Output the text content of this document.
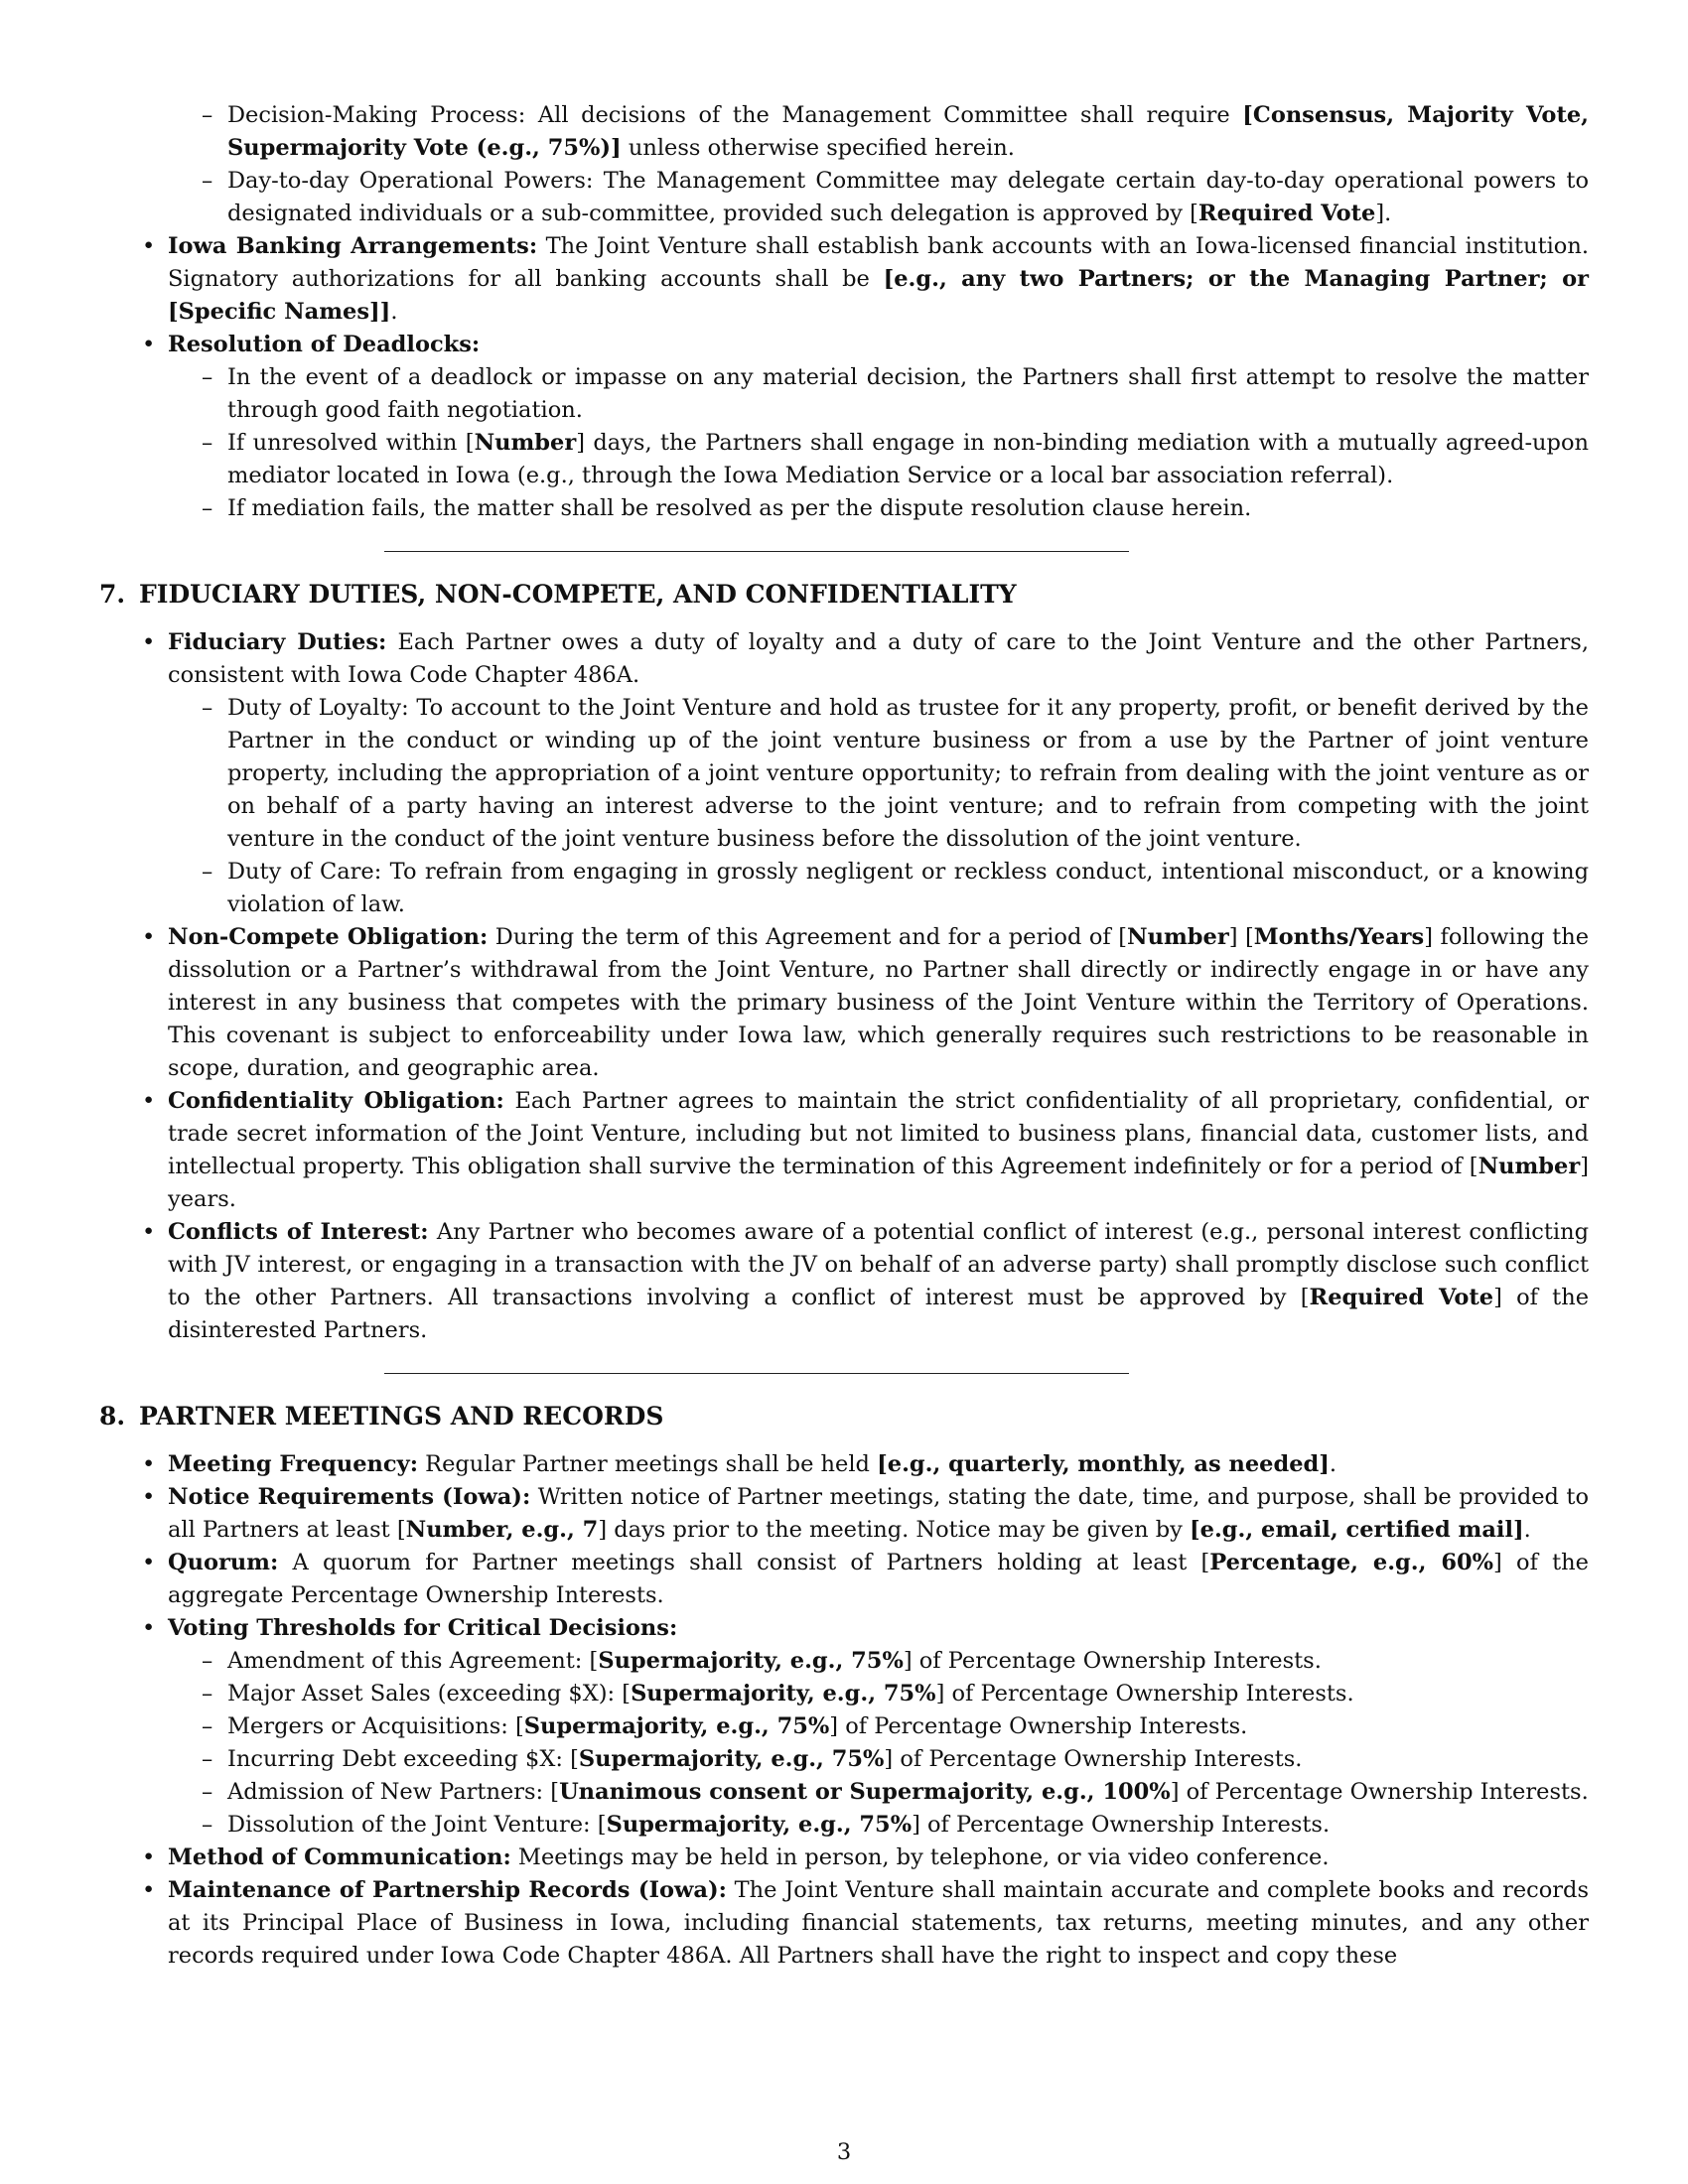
– Decision-Making Process: All decisions of the Management Committee shall require [Consensus, Majority Vote, Supermajority Vote (e.g., 75%)] unless otherwise specified herein.
– Day-to-day Operational Powers: The Management Committee may delegate certain day-to-day operational powers to designated individuals or a sub-committee, provided such delegation is approved by [Required Vote].
• Iowa Banking Arrangements: The Joint Venture shall establish bank accounts with an Iowa-licensed financial institution. Signatory authorizations for all banking accounts shall be [e.g., any two Partners; or the Managing Partner; or [Specific Names]].
• Resolution of Deadlocks:
– In the event of a deadlock or impasse on any material decision, the Partners shall first attempt to resolve the matter through good faith negotiation.
– If unresolved within [Number] days, the Partners shall engage in non-binding mediation with a mutually agreed-upon mediator located in Iowa (e.g., through the Iowa Mediation Service or a local bar association referral).
– If mediation fails, the matter shall be resolved as per the dispute resolution clause herein.
7. FIDUCIARY DUTIES, NON-COMPETE, AND CONFIDENTIALITY
• Fiduciary Duties: Each Partner owes a duty of loyalty and a duty of care to the Joint Venture and the other Partners, consistent with Iowa Code Chapter 486A.
– Duty of Loyalty: To account to the Joint Venture and hold as trustee for it any property, profit, or benefit derived by the Partner in the conduct or winding up of the joint venture business or from a use by the Partner of joint venture property, including the appropriation of a joint venture opportunity; to refrain from dealing with the joint venture as or on behalf of a party having an interest adverse to the joint venture; and to refrain from competing with the joint venture in the conduct of the joint venture business before the dissolution of the joint venture.
– Duty of Care: To refrain from engaging in grossly negligent or reckless conduct, intentional misconduct, or a knowing violation of law.
• Non-Compete Obligation: During the term of this Agreement and for a period of [Number] [Months/Years] following the dissolution or a Partner’s withdrawal from the Joint Venture, no Partner shall directly or indirectly engage in or have any interest in any business that competes with the primary business of the Joint Venture within the Territory of Operations. This covenant is subject to enforceability under Iowa law, which generally requires such restrictions to be reasonable in scope, duration, and geographic area.
• Confidentiality Obligation: Each Partner agrees to maintain the strict confidentiality of all proprietary, confidential, or trade secret information of the Joint Venture, including but not limited to business plans, financial data, customer lists, and intellectual property. This obligation shall survive the termination of this Agreement indefinitely or for a period of [Number] years.
• Conflicts of Interest: Any Partner who becomes aware of a potential conflict of interest (e.g., personal interest conflicting with JV interest, or engaging in a transaction with the JV on behalf of an adverse party) shall promptly disclose such conflict to the other Partners. All transactions involving a conflict of interest must be approved by [Required Vote] of the disinterested Partners.
8. PARTNER MEETINGS AND RECORDS
• Meeting Frequency: Regular Partner meetings shall be held [e.g., quarterly, monthly, as needed].
• Notice Requirements (Iowa): Written notice of Partner meetings, stating the date, time, and purpose, shall be provided to all Partners at least [Number, e.g., 7] days prior to the meeting. Notice may be given by [e.g., email, certified mail].
• Quorum: A quorum for Partner meetings shall consist of Partners holding at least [Percentage, e.g., 60%] of the aggregate Percentage Ownership Interests.
• Voting Thresholds for Critical Decisions:
– Amendment of this Agreement: [Supermajority, e.g., 75%] of Percentage Ownership Interests.
– Major Asset Sales (exceeding $X): [Supermajority, e.g., 75%] of Percentage Ownership Interests.
– Mergers or Acquisitions: [Supermajority, e.g., 75%] of Percentage Ownership Interests.
– Incurring Debt exceeding $X: [Supermajority, e.g., 75%] of Percentage Ownership Interests.
– Admission of New Partners: [Unanimous consent or Supermajority, e.g., 100%] of Percentage Ownership Interests.
– Dissolution of the Joint Venture: [Supermajority, e.g., 75%] of Percentage Ownership Interests.
• Method of Communication: Meetings may be held in person, by telephone, or via video conference.
• Maintenance of Partnership Records (Iowa): The Joint Venture shall maintain accurate and complete books and records at its Principal Place of Business in Iowa, including financial statements, tax returns, meeting minutes, and any other records required under Iowa Code Chapter 486A. All Partners shall have the right to inspect and copy these
3
